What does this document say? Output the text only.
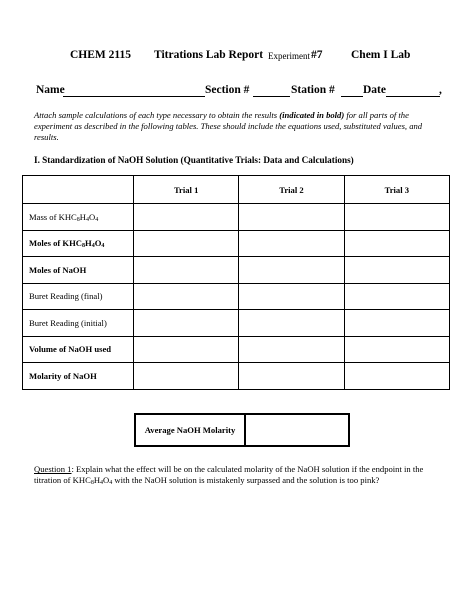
CHEM 2115 Titrations Lab Report Experiment #7 Chem I Lab
Name	Section #	Station # Date	,
Attach sample calculations of each type necessary to obtain the results (indicated in bold) for all parts of the experiment as described in the following tables. These should include the equations used, substituted values, and results.
I. Standardization of NaOH Solution (Quantitative Trials: Data and Calculations)
	Trial 1	Trial 2	Trial 3
Mass of $KHC_8H_4O_4$			
Moles of $KHC_8H_4O_4$			
Moles of NaOH			
Buret Reading (final)			
Buret Reading (initial)			
Volume of NaOH used			
Molarity of NaOH			
Average NaOH Molarity
Question 1: Explain what the effect will be on the calculated molarity of the NaOH solution if the endpoint in the titration of $KHC_8H_4O_4$ with the NaOH solution is mistakenly surpassed and the solution is too pink?
